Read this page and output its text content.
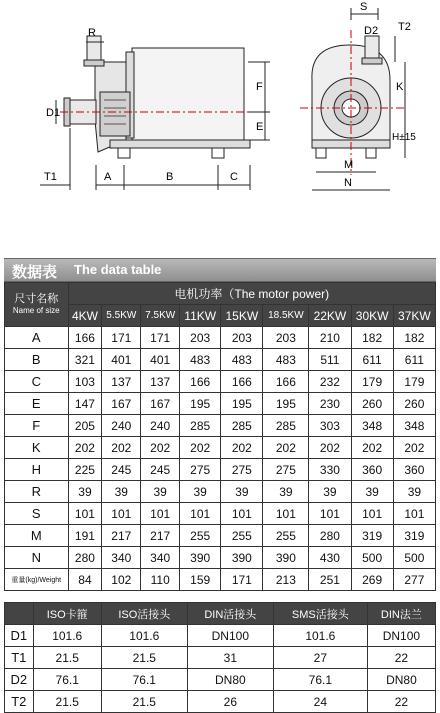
R
D1
T1	A	B	C
F
E
S
D2 T2
K
H±15
M
N
数据表 The data table
尺寸名称
Name of size	电机功率（The motor power)								
	4KW	5.5KW	7.5KW	11KW	15KW	18.5KW	22KW	30KW	37KW
A	166	171	171	203	203	203	210	182	182
B	321	401	401	483	483	483	511	611	611
C	103	137	137	166	166	166	232	179	179
E	147	167	167	195	195	195	230	260	260
F	205	240	240	285	285	285	303	348	348
K	202	202	202	202	202	202	202	202	202
H	225	245	245	275	275	275	330	360	360
R	39	39	39	39	39	39	39	39	39
S	101	101	101	101	101	101	101	101	101
M	191	217	217	255	255	255	280	319	319
N	280	340	340	390	390	390	430	500	500
重量(kg)/Weight	84	102	110	159	171	213	251	269	277
	ISO卡箍	ISO活接头	DIN活接头	SMS活接头	DIN法兰
D1	101.6	101.6	DN100	101.6	DN100
T1	21.5	21.5	31	27	22
D2	76.1	76.1	DN80	76.1	DN80
T2	21.5	21.5	26	24	22
